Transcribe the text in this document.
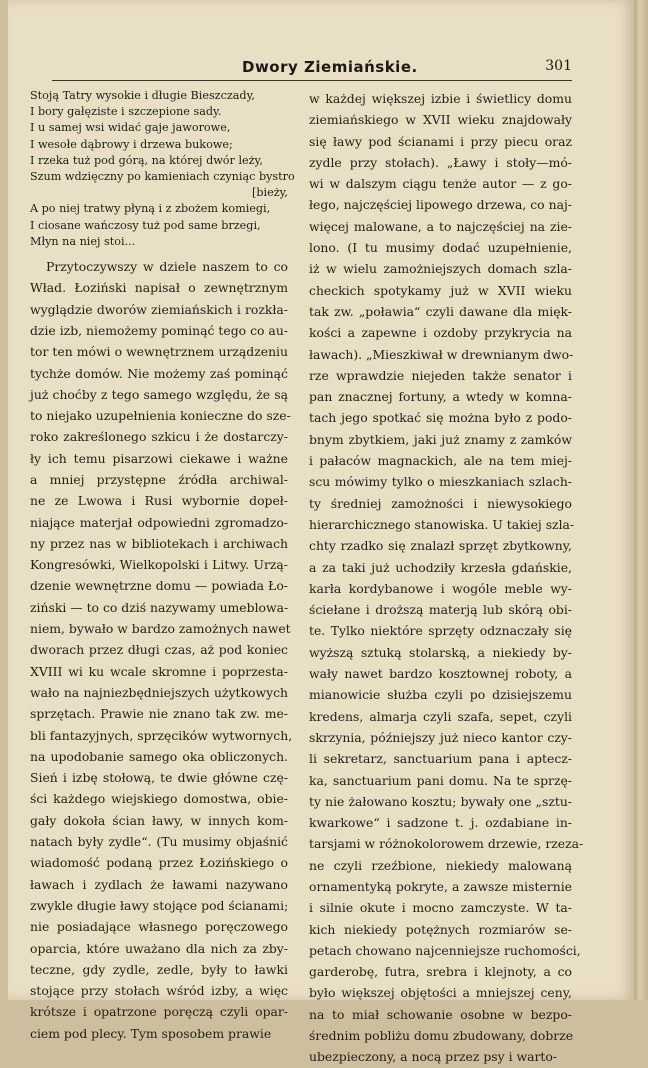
Dwory Ziemiańskie.	301
Stoją Tatry wysokie i długie Bieszczady,
I bory gałęziste i szczepione sady.
I u samej wsi widać gaje jaworowe,
I wesołe dąbrowy i drzewa bukowe;
I rzeka tuż pod górą, na której dwór leży,
Szum wdzięczny po kamieniach czyniąc bystro
[bieży,
A po niej tratwy płyną i z zbożem komiegi,
I ciosane wańczosy tuż pod same brzegi,
Młyn na niej stoi...
Przytoczywszy w dziele naszem to co
Wład. Łoziński napisał o zewnętrznym
wyglądzie dworów ziemiańskich i rozkła-
dzie izb, niemożemy pominąć tego co au-
tor ten mówi o wewnętrznem urządzeniu
tychże domów. Nie możemy zaś pominąć
już choćby z tego samego względu, że są
to niejako uzupełnienia konieczne do sze-
roko zakreślonego szkicu i że dostarczy-
ły ich temu pisarzowi ciekawe i ważne
a mniej przystępne źródła archiwal-
ne ze Lwowa i Rusi wybornie dopeł-
niające materjał odpowiedni zgromadzo-
ny przez nas w bibliotekach i archiwach
Kongresówki, Wielkopolski i Litwy. Urzą-
dzenie wewnętrzne domu — powiada Ło-
ziński — to co dziś nazywamy umeblowa-
niem, bywało w bardzo zamożnych nawet
dworach przez długi czas, aż pod koniec
XVIII wi ku wcale skromne i poprzesta-
wało na najniezbędniejszych użytkowych
sprzętach. Prawie nie znano tak zw. me-
bli fantazyjnych, sprzęcików wytwornych,
na upodobanie samego oka obliczonych.
Sień i izbę stołową, te dwie główne czę-
ści każdego wiejskiego domostwa, obie-
gały dokoła ścian ławy, w innych kom-
natach były zydle“. (Tu musimy objaśnić
wiadomość podaną przez Łozińskiego o
ławach i zydlach że ławami nazywano
zwykle długie ławy stojące pod ścianami;
nie posiadające własnego poręczowego
oparcia, które uważano dla nich za zby-
teczne, gdy zydle, zedle, były to ławki
stojące przy stołach wśród izby, a więc
krótsze i opatrzone poręczą czyli opar-
ciem pod plecy. Tym sposobem prawie
w każdej większej izbie i świetlicy domu
ziemiańskiego w XVII wieku znajdowały
się ławy pod ścianami i przy piecu oraz
zydle przy stołach). „Ławy i stoły—mó-
wi w dalszym ciągu tenże autor — z go-
łego, najczęściej lipowego drzewa, co naj-
więcej malowane, a to najczęściej na zie-
lono. (I tu musimy dodać uzupełnienie,
iż w wielu zamożniejszych domach szla-
checkich spotykamy już w XVII wieku
tak zw. „poławia“ czyli dawane dla mięk-
kości a zapewne i ozdoby przykrycia na
ławach). „Mieszkiwał w drewnianym dwo-
rze wprawdzie niejeden także senator i
pan znacznej fortuny, a wtedy w komna-
tach jego spotkać się można było z podo-
bnym zbytkiem, jaki już znamy z zamków
i pałaców magnackich, ale na tem miej-
scu mówimy tylko o mieszkaniach szlach-
ty średniej zamożności i niewysokiego
hierarchicznego stanowiska. U takiej szla-
chty rzadko się znalazł sprzęt zbytkowny,
a za taki już uchodziły krzesła gdańskie,
karła kordybanowe i wogóle meble wy-
ściełane i droższą materją lub skórą obi-
te. Tylko niektóre sprzęty odznaczały się
wyższą sztuką stolarską, a niekiedy by-
wały nawet bardzo kosztownej roboty, a
mianowicie służba czyli po dzisiejszemu
kredens, almarja czyli szafa, sepet, czyli
skrzynia, późniejszy już nieco kantor czy-
li sekretarz, sanctuarium pana i aptecz-
ka, sanctuarium pani domu. Na te sprzę-
ty nie żałowano kosztu; bywały one „sztu-
kwarkowe“ i sadzone t. j. ozdabiane in-
tarsjami w różnokolorowem drzewie, rzeza-
ne czyli rzeźbione, niekiedy malowaną
ornamentyką pokryte, a zawsze misternie
i silnie okute i mocno zamczyste. W ta-
kich niekiedy potężnych rozmiarów se-
petach chowano najcenniejsze ruchomości,
garderobę, futra, srebra i klejnoty, a co
było większej objętości a mniejszej ceny,
na to miał schowanie osobne w bezpo-
średnim pobliżu domu zbudowany, dobrze
ubezpieczony, a nocą przez psy i warto-
